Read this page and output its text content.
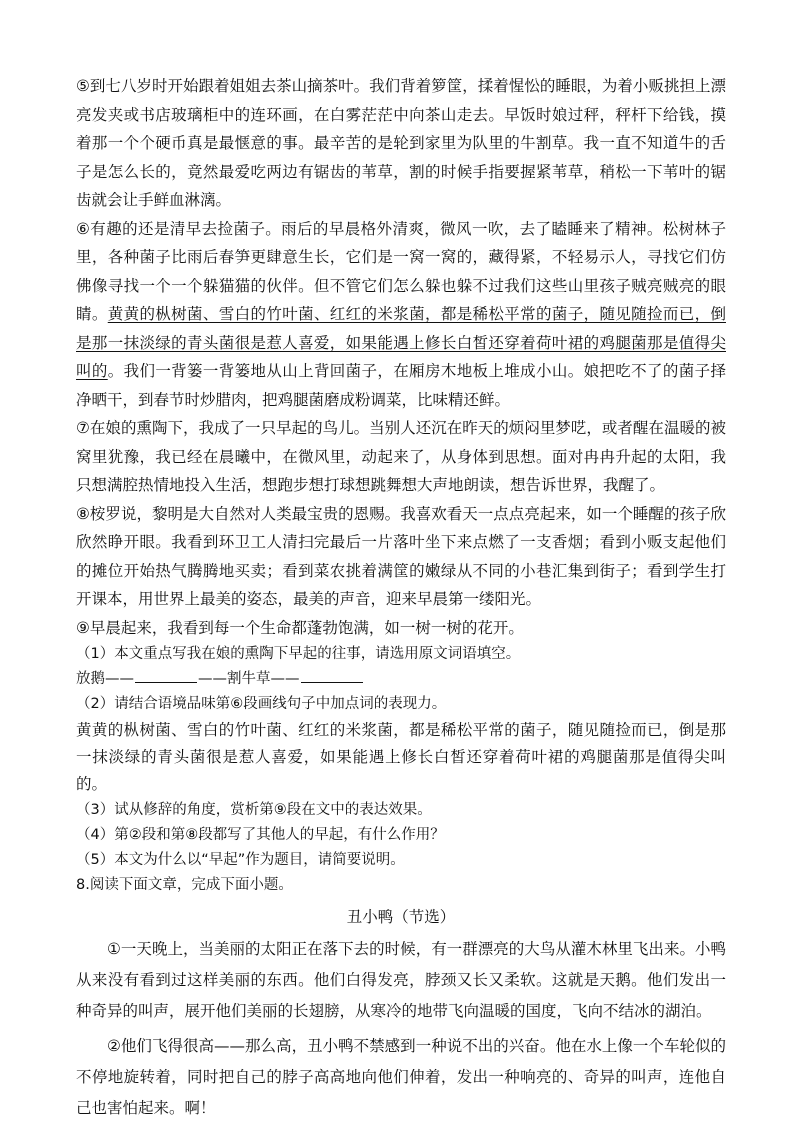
⑤到七八岁时开始跟着姐姐去茶山摘茶叶。我们背着箩筐，揉着惺忪的睡眼，为着小贩挑担上漂亮发夹或书店玻璃柜中的连环画，在白雾茫茫中向茶山走去。早饭时娘过秤，秤杆下给钱，摸着那一个个硬币真是最惬意的事。最辛苦的是轮到家里为队里的牛割草。我一直不知道牛的舌子是怎么长的，竟然最爱吃两边有锯齿的苇草，割的时候手指要握紧苇草，稍松一下苇叶的锯齿就会让手鲜血淋漓。

⑥有趣的还是清早去捡菌子。雨后的早晨格外清爽，微风一吹，去了瞌睡来了精神。松树林子里，各种菌子比雨后春笋更肆意生长，它们是一窝一窝的，藏得紧，不轻易示人，寻找它们仿佛像寻找一个一个躲猫猫的伙伴。但不管它们怎么躲也躲不过我们这些山里孩子贼亮贼亮的眼睛。黄黄的枞树菌、雪白的竹叶菌、红红的米浆菌，都是稀松平常的菌子，随见随捡而已，倒是那一抹淡绿的青头菌很是惹人喜爱，如果能遇上修长白皙还穿着荷叶裙的鸡腿菌那是值得尖叫的。我们一背篓一背篓地从山上背回菌子，在厢房木地板上堆成小山。娘把吃不了的菌子择净晒干，到春节时炒腊肉，把鸡腿菌磨成粉调菜，比味精还鲜。

⑦在娘的熏陶下，我成了一只早起的鸟儿。当别人还沉在昨天的烦闷里梦呓，或者醒在温暖的被窝里犹豫，我已经在晨曦中，在微风里，动起来了，从身体到思想。面对冉冉升起的太阳，我只想满腔热情地投入生活，想跑步想打球想跳舞想大声地朗读，想告诉世界，我醒了。

⑧桉罗说，黎明是大自然对人类最宝贵的恩赐。我喜欢看天一点点亮起来，如一个睡醒的孩子欣欣然睁开眼。我看到环卫工人清扫完最后一片落叶坐下来点燃了一支香烟；看到小贩支起他们的摊位开始热气腾腾地买卖；看到菜农挑着满筐的嫩绿从不同的小巷汇集到街子；看到学生打开课本，用世界上最美的姿态，最美的声音，迎来早晨第一缕阳光。

⑨早晨起来，我看到每一个生命都蓬勃饱满，如一树一树的花开。

（1）本文重点写我在娘的熏陶下早起的往事，请选用原文词语填空。

放鹅——	——割牛草——

（2）请结合语境品味第⑥段画线句子中加点词的表现力。

黄黄的枞树菌、雪白的竹叶菌、红红的米浆菌，都是稀松平常的菌子，随见随捡而已，倒是那一抹淡绿的青头菌很是惹人喜爱，如果能遇上修长白皙还穿着荷叶裙的鸡腿菌那是值得尖叫的。

（3）试从修辞的角度，赏析第⑨段在文中的表达效果。

（4）第②段和第⑧段都写了其他人的早起，有什么作用？

（5）本文为什么以“早起”作为题目，请简要说明。

8.阅读下面文章，完成下面小题。

丑小鸭（节选）

①一天晚上，当美丽的太阳正在落下去的时候，有一群漂亮的大鸟从灌木林里飞出来。小鸭从来没有看到过这样美丽的东西。他们白得发亮，脖颈又长又柔软。这就是天鹅。他们发出一种奇异的叫声，展开他们美丽的长翅膀，从寒冷的地带飞向温暖的国度，飞向不结冰的湖泊。

②他们飞得很高——那么高，丑小鸭不禁感到一种说不出的兴奋。他在水上像一个车轮似的不停地旋转着，同时把自己的脖子高高地向他们伸着，发出一种响亮的、奇异的叫声，连他自己也害怕起来。啊！
